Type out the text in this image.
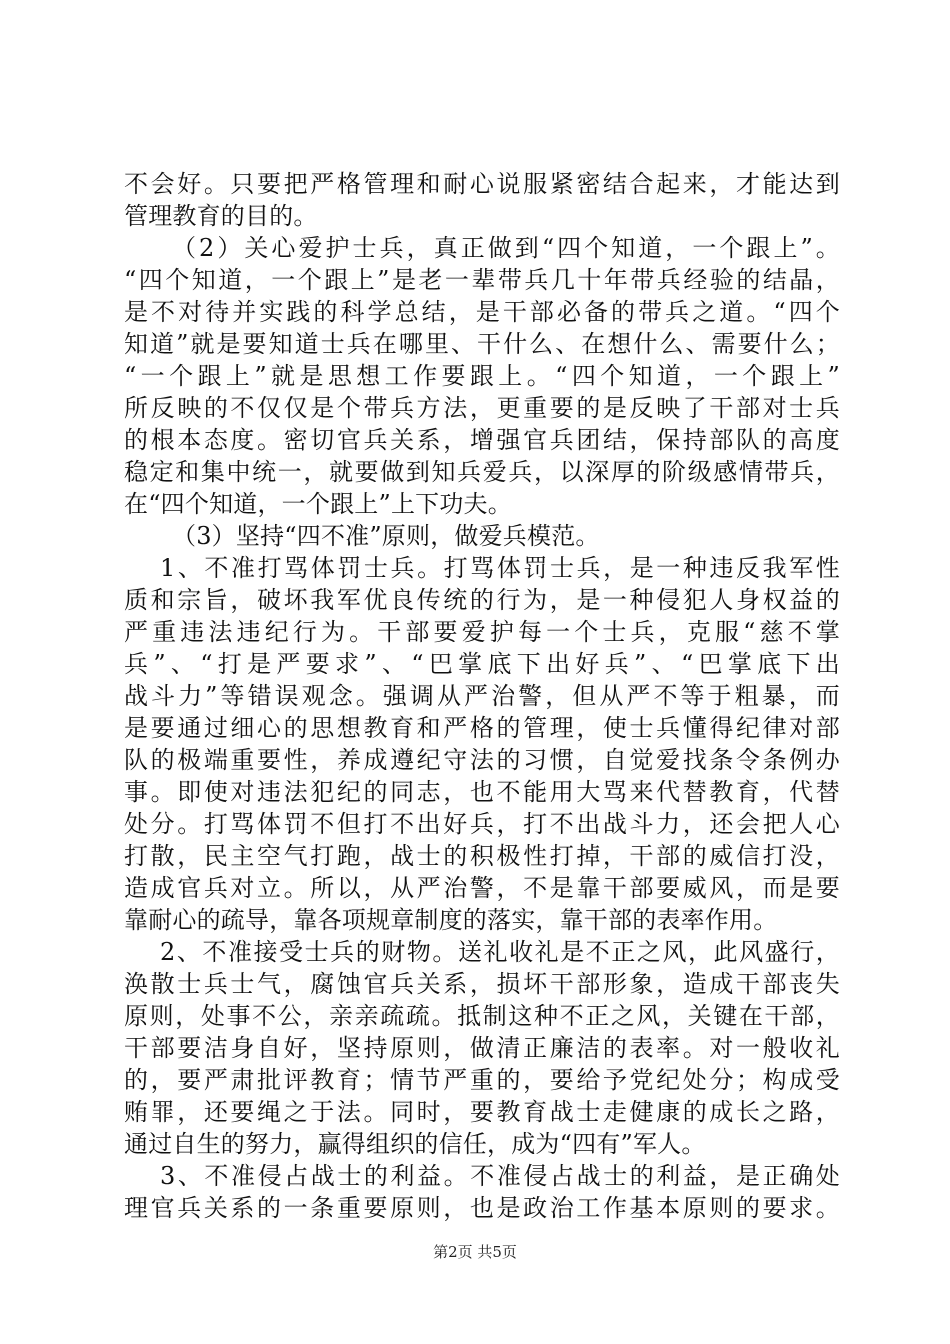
不会好。只要把严格管理和耐心说服紧密结合起来，才能达到
管理教育的目的。
（2）关心爱护士兵，真正做到“四个知道，一个跟上”。
“四个知道，一个跟上”是老一辈带兵几十年带兵经验的结晶，
是不对待并实践的科学总结，是干部必备的带兵之道。“四个
知道”就是要知道士兵在哪里、干什么、在想什么、需要什么；
“一个跟上”就是思想工作要跟上。“四个知道，一个跟上”
所反映的不仅仅是个带兵方法，更重要的是反映了干部对士兵
的根本态度。密切官兵关系，增强官兵团结，保持部队的高度
稳定和集中统一，就要做到知兵爱兵，以深厚的阶级感情带兵，
在“四个知道，一个跟上”上下功夫。
（3）坚持“四不准”原则，做爱兵模范。
1、不准打骂体罚士兵。打骂体罚士兵，是一种违反我军性
质和宗旨，破坏我军优良传统的行为，是一种侵犯人身权益的
严重违法违纪行为。干部要爱护每一个士兵，克服“慈不掌
兵”、“打是严要求”、“巴掌底下出好兵”、“巴掌底下出
战斗力”等错误观念。强调从严治警，但从严不等于粗暴，而
是要通过细心的思想教育和严格的管理，使士兵懂得纪律对部
队的极端重要性，养成遵纪守法的习惯，自觉爱找条令条例办
事。即使对违法犯纪的同志，也不能用大骂来代替教育，代替
处分。打骂体罚不但打不出好兵，打不出战斗力，还会把人心
打散，民主空气打跑，战士的积极性打掉，干部的威信打没，
造成官兵对立。所以，从严治警，不是靠干部要威风，而是要
靠耐心的疏导，靠各项规章制度的落实，靠干部的表率作用。
2、不准接受士兵的财物。送礼收礼是不正之风，此风盛行，
涣散士兵士气，腐蚀官兵关系，损坏干部形象，造成干部丧失
原则，处事不公，亲亲疏疏。抵制这种不正之风，关键在干部，
干部要洁身自好，坚持原则，做清正廉洁的表率。对一般收礼
的，要严肃批评教育；情节严重的，要给予党纪处分；构成受
贿罪，还要绳之于法。同时，要教育战士走健康的成长之路，
通过自生的努力，赢得组织的信任，成为“四有”军人。
3、不准侵占战士的利益。不准侵占战士的利益，是正确处
理官兵关系的一条重要原则，也是政治工作基本原则的要求。
第2页 共5页
